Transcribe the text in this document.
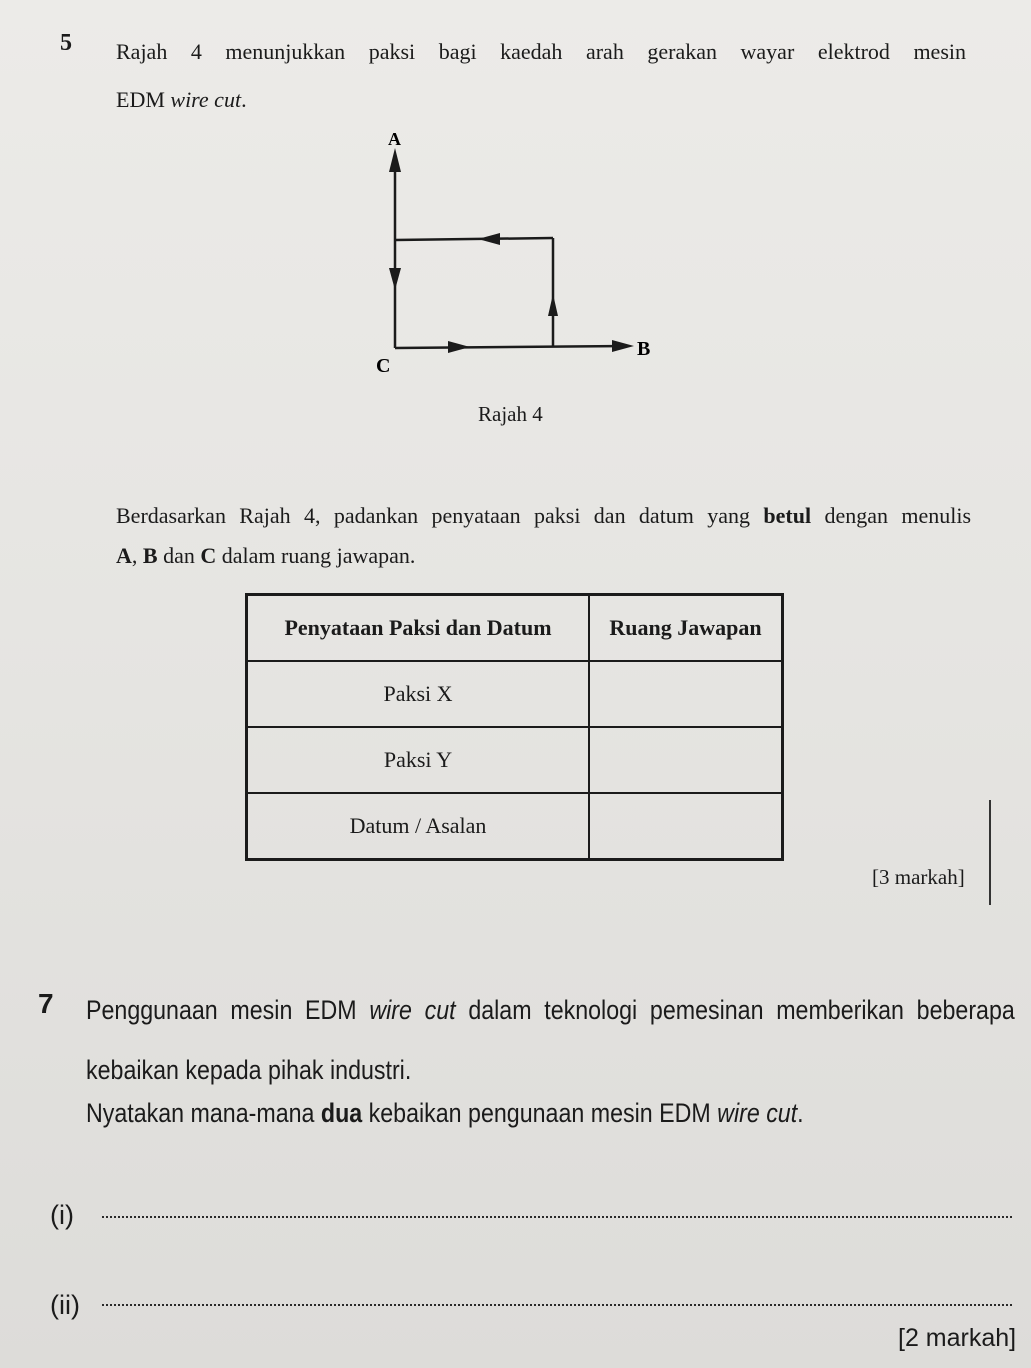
5 Rajah 4 menunjukkan paksi bagi kaedah arah gerakan wayar elektrod mesin
EDM wire cut.
A
B
C
Rajah 4
Berdasarkan Rajah 4, padankan penyataan paksi dan datum yang betul dengan menulis
A, B dan C dalam ruang jawapan.
Penyataan Paksi dan Datum	Ruang Jawapan
Paksi X	
Paksi Y	
Datum / Asalan	
[3 markah]
7 Penggunaan mesin EDM wire cut dalam teknologi pemesinan memberikan beberapa
kebaikan kepada pihak industri.
Nyatakan mana-mana dua kebaikan pengunaan mesin EDM wire cut.
(i)
(ii)
[2 markah]
